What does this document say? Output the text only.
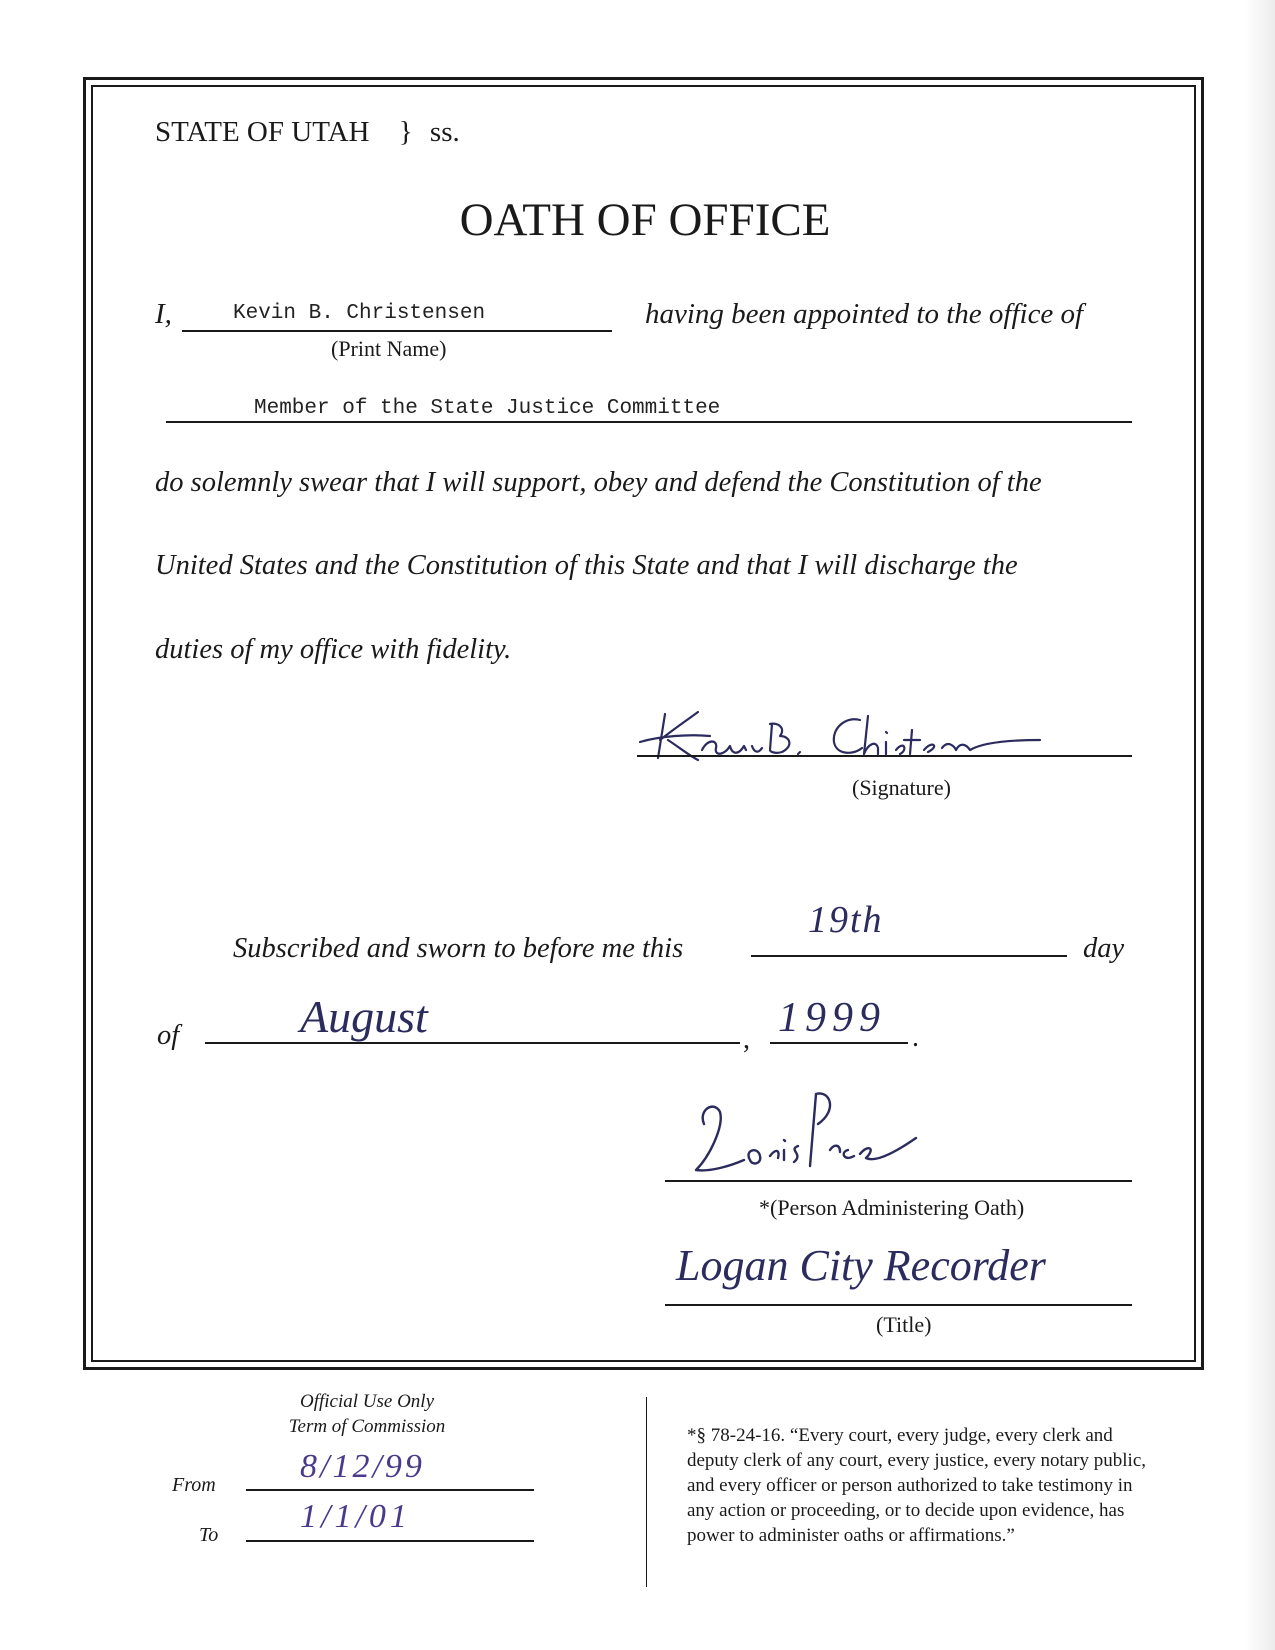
STATE OF UTAH } ss.
OATH OF OFFICE
I,	Kevin B. Christensen
(Print Name)
having been appointed to the office of
Member of the State Justice Committee
do solemnly swear that I will support, obey and defend the Constitution of the
United States and the Constitution of this State and that I will discharge the
duties of my office with fidelity.
(Signature)
Subscribed and sworn to before me this
19th
day
of	August	, 1999 .
*(Person Administering Oath)
Logan City Recorder
(Title)
Official Use Only
Term of Commission
From 8/12/99
To 1/1/01
*§ 78-24-16. “Every court, every judge, every clerk and
deputy clerk of any court, every justice, every notary public,
and every officer or person authorized to take testimony in
any action or proceeding, or to decide upon evidence, has
power to administer oaths or affirmations.”
